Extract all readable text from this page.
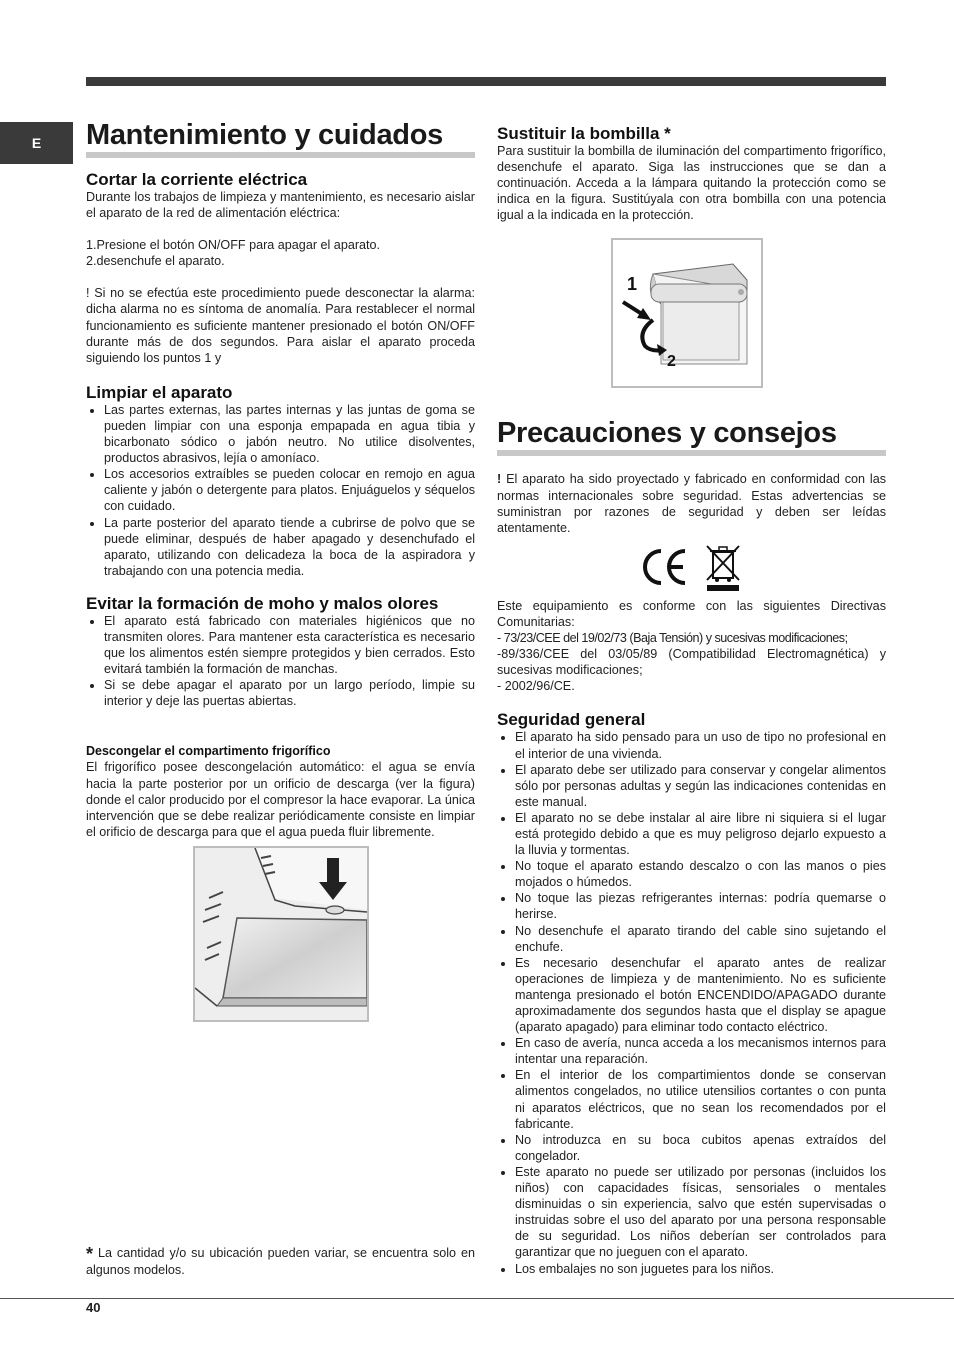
E	Mantenimiento y cuidados
Cortar la corriente eléctrica

Durante los trabajos de limpieza y mantenimiento, es necesario aislar el aparato de la red de alimentación eléctrica:

1.Presione el botón ON/OFF para apagar el aparato.

2.desenchufe el aparato.

! Si no se efectúa este procedimiento puede desconectar la alarma: dicha alarma no es síntoma de anomalía. Para restablecer el normal funcionamiento es suficiente mantener presionado el botón ON/OFF durante más de dos segundos. Para aislar el aparato proceda siguiendo los puntos 1 y

Limpiar el aparato
• Las partes externas, las partes internas y las juntas de goma se pueden limpiar con una esponja empapada en agua tibia y bicarbonato sódico o jabón neutro. No utilice disolventes, productos abrasivos, lejía o amoníaco.
• Los accesorios extraíbles se pueden colocar en remojo en agua caliente y jabón o detergente para platos. Enjuáguelos y séquelos con cuidado.
• La parte posterior del aparato tiende a cubrirse de polvo que se puede eliminar, después de haber apagado y desenchufado el aparato, utilizando con delicadeza la boca de la aspiradora y trabajando con una potencia media.
Evitar la formación de moho y malos olores
• El aparato está fabricado con materiales higiénicos que no transmiten olores. Para mantener esta característica es necesario que los alimentos estén siempre protegidos y bien cerrados. Esto evitará también la formación de manchas.
• Si se debe apagar el aparato por un largo período, limpie su interior y deje las puertas abiertas.
Descongelar el compartimento frigorífico

El frigorífico posee descongelación automático: el agua se envía hacia la parte posterior por un orificio de descarga (ver la figura) donde el calor producido por el compresor la hace evaporar. La única intervención que se debe realizar periódicamente consiste en limpiar el orificio de descarga para que el agua pueda fluir libremente.

* La cantidad y/o su ubicación pueden variar, se encuentra solo en algunos modelos.

Sustituir la bombilla *

Para sustituir la bombilla de iluminación del compartimento frigorífico, desenchufe el aparato. Siga las instrucciones que se dan a continuación. Acceda a la lámpara quitando la protección como se indica en la figura. Sustitúyala con otra bombilla con una potencia igual a la indicada en la protección.

1
2
Precauciones y consejos

! El aparato ha sido proyectado y fabricado en conformidad con las normas internacionales sobre seguridad. Estas advertencias se suministran por razones de seguridad y deben ser leídas atentamente.

Este equipamiento es conforme con las siguientes Directivas Comunitarias:

- 73/23/CEE del 19/02/73 (Baja Tensión) y sucesivas modificaciones;

-89/336/CEE del 03/05/89 (Compatibilidad Electromagnética) y sucesivas modificaciones;

- 2002/96/CE.

Seguridad general
• El aparato ha sido pensado para un uso de tipo no profesional en el interior de una vivienda.
• El aparato debe ser utilizado para conservar y congelar alimentos sólo por personas adultas y según las indicaciones contenidas en este manual.
• El aparato no se debe instalar al aire libre ni siquiera si el lugar está protegido debido a que es muy peligroso dejarlo expuesto a la lluvia y tormentas.
• No toque el aparato estando descalzo o con las manos o pies mojados o húmedos.
• No toque las piezas refrigerantes internas: podría quemarse o herirse.
• No desenchufe el aparato tirando del cable sino sujetando el enchufe.
• Es necesario desenchufar el aparato antes de realizar operaciones de limpieza y de mantenimiento. No es suficiente mantenga presionado el botón ENCENDIDO/APAGADO durante aproximadamente dos segundos hasta que el display se apague (aparato apagado) para eliminar todo contacto eléctrico.
• En caso de avería, nunca acceda a los mecanismos internos para intentar una reparación.
• En el interior de los compartimientos donde se conservan alimentos congelados, no utilice utensilios cortantes o con punta ni aparatos eléctricos, que no sean los recomendados por el fabricante.
• No introduzca en su boca cubitos apenas extraídos del congelador.
• Este aparato no puede ser utilizado por personas (incluidos los niños) con capacidades físicas, sensoriales o mentales disminuidas o sin experiencia, salvo que estén supervisadas o instruidas sobre el uso del aparato por una persona responsable de su seguridad. Los niños deberían ser controlados para garantizar que no jueguen con el aparato.
• Los embalajes no son juguetes para los niños.
40
